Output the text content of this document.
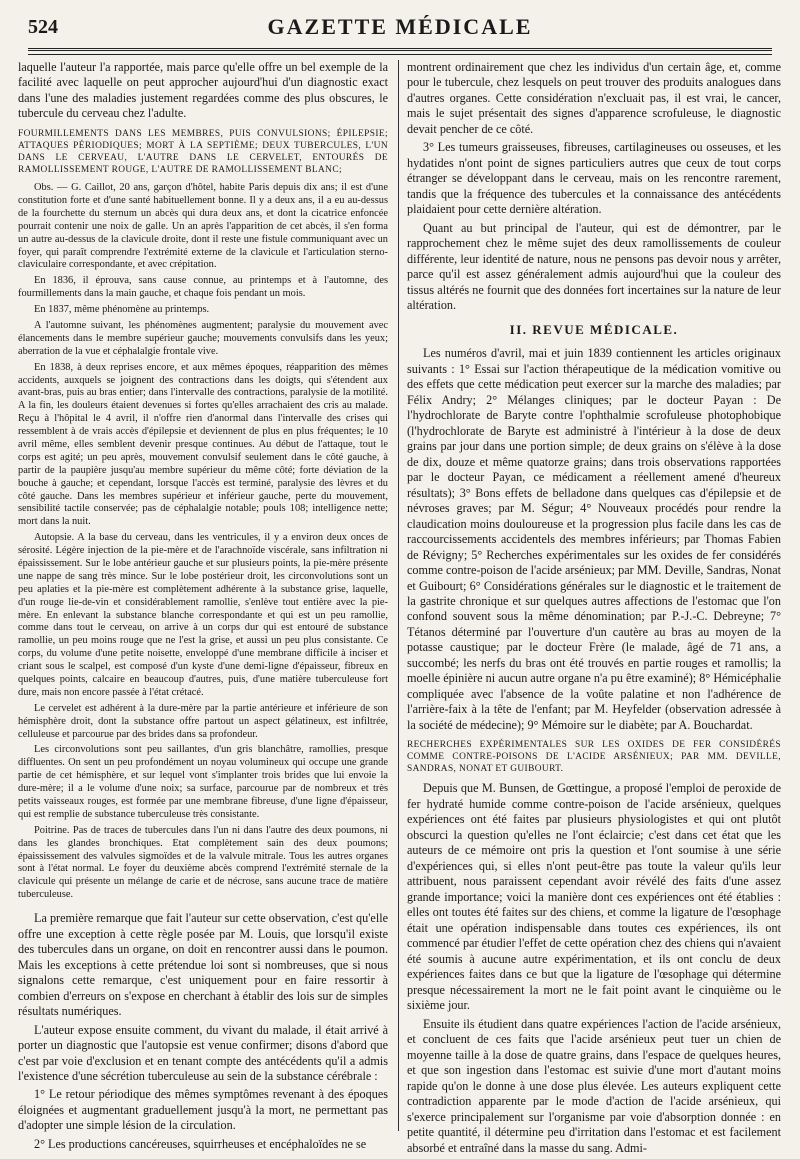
524	GAZETTE MÉDICALE

laquelle l'auteur l'a rapportée, mais parce qu'elle offre un bel exemple de la facilité avec laquelle on peut approcher aujourd'hui d'un diagnostic exact dans l'une des maladies justement regardées comme des plus obscures, le tubercule du cerveau chez l'adulte.

FOURMILLEMENTS DANS LES MEMBRES, PUIS CONVULSIONS; ÉPILEPSIE; ATTAQUES PÉRIODIQUES; MORT À LA SEPTIÈME; DEUX TUBERCULES, L'UN DANS LE CERVEAU, L'AUTRE DANS LE CERVELET, ENTOURÉS DE RAMOLLISSEMENT ROUGE, L'AUTRE DE RAMOLLISSEMENT BLANC;

Obs. — G. Caillot, 20 ans, garçon d'hôtel, habite Paris depuis dix ans; il est d'une constitution forte et d'une santé habituellement bonne. Il y a deux ans, il a eu au-dessus de la fourchette du sternum un abcès qui dura deux ans, et dont la cicatrice enfoncée pourrait contenir une noix de galle. Un an après l'apparition de cet abcès, il s'en forma un autre au-dessus de la clavicule droite, dont il reste une fistule communiquant avec un foyer, qui paraît comprendre l'extrémité externe de la clavicule et l'articulation sterno-claviculaire correspondante, et avec crépitation.

En 1836, il éprouva, sans cause connue, au printemps et à l'automne, des fourmillements dans la main gauche, et chaque fois pendant un mois.

En 1837, même phénomène au printemps.

A l'automne suivant, les phénomènes augmentent; paralysie du mouvement avec élancements dans le membre supérieur gauche; mouvements convulsifs dans les yeux; aberration de la vue et céphalalgie frontale vive.

En 1838, à deux reprises encore, et aux mêmes époques, réapparition des mêmes accidents, auxquels se joignent des contractions dans les doigts, qui s'étendent aux avant-bras, puis au bras entier; dans l'intervalle des contractions, paralysie de la motilité. A la fin, les douleurs étaient devenues si fortes qu'elles arrachaient des cris au malade. Reçu à l'hôpital le 4 avril, il n'offre rien d'anormal dans l'intervalle des crises qui ressemblent à de vrais accès d'épilepsie et deviennent de plus en plus fréquentes; le 10 avril même, elles semblent devenir presque continues. Au début de l'attaque, tout le corps est agité; un peu après, mouvement convulsif seulement dans le côté gauche, à partir de la paupière jusqu'au membre supérieur du même côté; forte déviation de la bouche à gauche; et cependant, lorsque l'accès est terminé, paralysie des lèvres et du côté gauche. Dans les membres supérieur et inférieur gauche, perte du mouvement, sensibilité tactile conservée; pas de céphalalgie notable; pouls 108; intelligence nette; mort dans la nuit.

Autopsie. A la base du cerveau, dans les ventricules, il y a environ deux onces de sérosité. Légère injection de la pie-mère et de l'arachnoïde viscérale, sans infiltration ni épaississement. Sur le lobe antérieur gauche et sur plusieurs points, la pie-mère présente une nappe de sang très mince. Sur le lobe postérieur droit, les circonvolutions sont un peu aplaties et la pie-mère est complètement adhérente à la substance grise, laquelle, d'un rouge lie-de-vin et considérablement ramollie, s'enlève tout entière avec la pie-mère. En enlevant la substance blanche correspondante et qui est un peu ramollie, comme dans tout le cerveau, on arrive à un corps dur qui est entouré de substance ramollie, un peu moins rouge que ne l'est la grise, et aussi un peu plus consistante. Ce corps, du volume d'une petite noisette, enveloppé d'une membrane difficile à inciser et criant sous le scalpel, est composé d'un kyste d'une demi-ligne d'épaisseur, fibreux en quelques points, calcaire en beaucoup d'autres, puis, d'une matière tuberculeuse fort dure, mais non encore passée à l'état crétacé.

Le cervelet est adhérent à la dure-mère par la partie antérieure et inférieure de son hémisphère droit, dont la substance offre partout un aspect gélatineux, est infiltrée, celluleuse et parcourue par des brides dans sa profondeur.

Les circonvolutions sont peu saillantes, d'un gris blanchâtre, ramollies, presque diffluentes. On sent un peu profondément un noyau volumineux qui occupe une grande partie de cet hémisphère, et sur lequel vont s'implanter trois brides que lui envoie la dure-mère; il a le volume d'une noix; sa surface, parcourue par de nombreux et très petits vaisseaux rouges, est formée par une membrane fibreuse, d'une ligne d'épaisseur, qui est remplie de substance tuberculeuse très consistante.

Poitrine. Pas de traces de tubercules dans l'un ni dans l'autre des deux poumons, ni dans les glandes bronchiques. Etat complètement sain des deux poumons; épaississement des valvules sigmoïdes et de la valvule mitrale. Tous les autres organes sont à l'état normal. Le foyer du deuxième abcès comprend l'extrémité sternale de la clavicule qui présente un mélange de carie et de nécrose, sans aucune trace de matière tuberculeuse.

La première remarque que fait l'auteur sur cette observation, c'est qu'elle offre une exception à cette règle posée par M. Louis, que lorsqu'il existe des tubercules dans un organe, on doit en rencontrer aussi dans le poumon. Mais les exceptions à cette prétendue loi sont si nombreuses, que si nous signalons cette remarque, c'est uniquement pour en faire ressortir à combien d'erreurs on s'expose en cherchant à établir des lois sur de simples résultats numériques.

L'auteur expose ensuite comment, du vivant du malade, il était arrivé à porter un diagnostic que l'autopsie est venue confirmer; disons d'abord que c'est par voie d'exclusion et en tenant compte des antécédents qu'il a admis l'existence d'une sécrétion tuberculeuse au sein de la substance cérébrale :

1° Le retour périodique des mêmes symptômes revenant à des époques éloignées et augmentant graduellement jusqu'à la mort, ne permettant pas d'adopter une simple lésion de la circulation.

2° Les productions cancéreuses, squirrheuses et encéphaloïdes ne se

montrent ordinairement que chez les individus d'un certain âge, et, comme pour le tubercule, chez lesquels on peut trouver des produits analogues dans d'autres organes. Cette considération n'excluait pas, il est vrai, le cancer, mais le sujet présentait des signes d'apparence scrofuleuse, le diagnostic devait pencher de ce côté.

3° Les tumeurs graisseuses, fibreuses, cartilagineuses ou osseuses, et les hydatides n'ont point de signes particuliers autres que ceux de tout corps étranger se développant dans le cerveau, mais on les rencontre rarement, tandis que la fréquence des tubercules et la connaissance des antécédents plaidaient pour cette dernière altération.

Quant au but principal de l'auteur, qui est de démontrer, par le rapprochement chez le même sujet des deux ramollissements de couleur différente, leur identité de nature, nous ne pensons pas devoir nous y arrêter, parce qu'il est assez généralement admis aujourd'hui que la couleur des tissus altérés ne fournit que des données fort incertaines sur la nature de leur altération.

II. REVUE MÉDICALE.

Les numéros d'avril, mai et juin 1839 contiennent les articles originaux suivants : 1° Essai sur l'action thérapeutique de la médication vomitive ou des effets que cette médication peut exercer sur la marche des maladies; par Félix Andry; 2° Mélanges cliniques; par le docteur Payan : De l'hydrochlorate de Baryte contre l'ophthalmie scrofuleuse photophobique (l'hydrochlorate de Baryte est administré à l'intérieur à la dose de deux grains par jour dans une portion simple; de deux grains on s'élève à la dose de dix, douze et même quatorze grains; dans trois observations rapportées par le docteur Payan, ce médicament a réellement amené d'heureux résultats); 3° Bons effets de belladone dans quelques cas d'épilepsie et de névroses graves; par M. Ségur; 4° Nouveaux procédés pour rendre la claudication moins douloureuse et la progression plus facile dans les cas de raccourcissements accidentels des membres inférieurs; par Thomas Fabien de Révigny; 5° Recherches expérimentales sur les oxides de fer considérés comme contre-poison de l'acide arsénieux; par MM. Deville, Sandras, Nonat et Guibourt; 6° Considérations générales sur le diagnostic et le traitement de la gastrite chronique et sur quelques autres affections de l'estomac que l'on confond souvent sous la même dénomination; par P.-J.-C. Debreyne; 7° Tétanos déterminé par l'ouverture d'un cautère au bras au moyen de la potasse caustique; par le docteur Frère (le malade, âgé de 71 ans, a succombé; les nerfs du bras ont été trouvés en partie rouges et ramollis; la moelle épinière ni aucun autre organe n'a pu être examiné); 8° Hémicéphalie compliquée avec l'absence de la voûte palatine et non l'adhérence de l'arrière-faix à la tête de l'enfant; par M. Heyfelder (observation adressée à la société de médecine); 9° Mémoire sur le diabète; par A. Bouchardat.

RECHERCHES EXPÉRIMENTALES SUR LES OXIDES DE FER CONSIDÉRÉS COMME CONTRE-POISONS DE L'ACIDE ARSÉNIEUX; PAR MM. DEVILLE, SANDRAS, NONAT ET GUIBOURT.

Depuis que M. Bunsen, de Gœttingue, a proposé l'emploi de peroxide de fer hydraté humide comme contre-poison de l'acide arsénieux, quelques expériences ont été faites par plusieurs physiologistes et qui ont plutôt obscurci la question qu'elles ne l'ont éclaircie; c'est dans cet état que les auteurs de ce mémoire ont pris la question et l'ont soumise à une série d'expériences qui, si elles n'ont peut-être pas toute la valeur qu'ils leur attribuent, nous paraissent cependant avoir révélé des faits d'une assez grande importance; voici la manière dont ces expériences ont été établies : elles ont toutes été faites sur des chiens, et comme la ligature de l'œsophage était une opération indispensable dans toutes ces expériences, ils ont commencé par étudier l'effet de cette opération chez des chiens qui n'avaient été soumis à aucune autre expérimentation, et ils ont conclu de deux expériences faites dans ce but que la ligature de l'œsophage qui détermine presque nécessairement la mort ne le fait point avant le cinquième ou le sixième jour.

Ensuite ils étudient dans quatre expériences l'action de l'acide arsénieux, et concluent de ces faits que l'acide arsénieux peut tuer un chien de moyenne taille à la dose de quatre grains, dans l'espace de quelques heures, et que son ingestion dans l'estomac est suivie d'une mort d'autant moins rapide qu'on le donne à une dose plus élevée. Les auteurs expliquent cette contradiction apparente par le mode d'action de l'acide arsénieux, qui s'exerce principalement sur l'organisme par voie d'absorption donnée : en petite quantité, il détermine peu d'irritation dans l'estomac et est facilement absorbé et entraîné dans la masse du sang. Admi-
